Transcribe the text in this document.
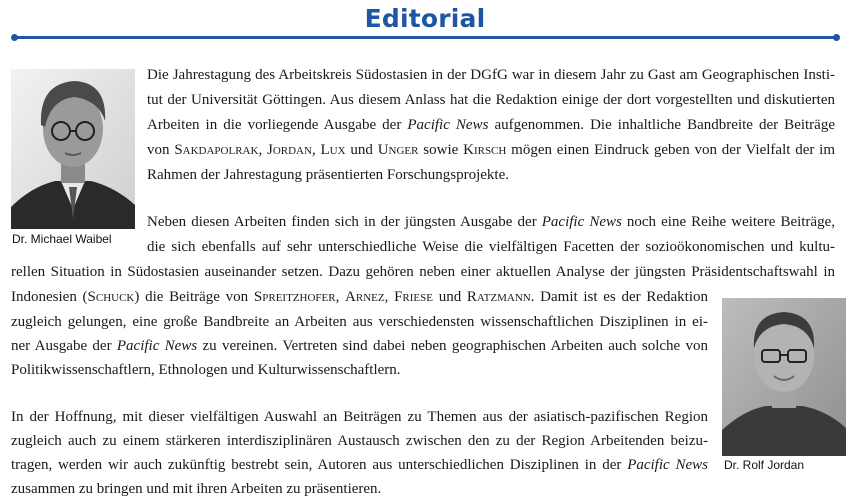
Editorial
Dr. Michael Waibel
Dr. Rolf Jordan
Die Jahrestagung des Arbeitskreis Südostasien in der DGfG war in diesem Jahr zu Gast am Geographischen Insti-
tut der Universität Göttingen. Aus diesem Anlass hat die Redaktion einige der dort vorgestellten und diskutierten
Arbeiten in die vorliegende Ausgabe der Pacific News aufgenommen. Die inhaltliche Bandbreite der Beiträge
von Sakdapolrak, Jordan, Lux und Unger sowie Kirsch mögen einen Eindruck geben von der Vielfalt der im
Rahmen der Jahrestagung präsentierten Forschungsprojekte.
Neben diesen Arbeiten finden sich in der jüngsten Ausgabe der Pacific News noch eine Reihe weitere Beiträge,
die sich ebenfalls auf sehr unterschiedliche Weise die vielfältigen Facetten der sozioökonomischen und kultu-
rellen Situation in Südostasien auseinander setzen. Dazu gehören neben einer aktuellen Analyse der jüngsten Präsidentschaftswahl in
Indonesien (Schuck) die Beiträge von Spreitzhofer, Arnez, Friese und Ratzmann. Damit ist es der Redaktion
zugleich gelungen, eine große Bandbreite an Arbeiten aus verschiedensten wissenschaftlichen Disziplinen in ei-
ner Ausgabe der Pacific News zu vereinen. Vertreten sind dabei neben geographischen Arbeiten auch solche von
Politikwissenschaftlern, Ethnologen und Kulturwissenschaftlern.
In der Hoffnung, mit dieser vielfältigen Auswahl an Beiträgen zu Themen aus der asiatisch-pazifischen Region
zugleich auch zu einem stärkeren interdisziplinären Austausch zwischen den zu der Region Arbeitenden beizu-
tragen, werden wir auch zukünftig bestrebt sein, Autoren aus unterschiedlichen Disziplinen in der Pacific News
zusammen zu bringen und mit ihren Arbeiten zu präsentieren.
